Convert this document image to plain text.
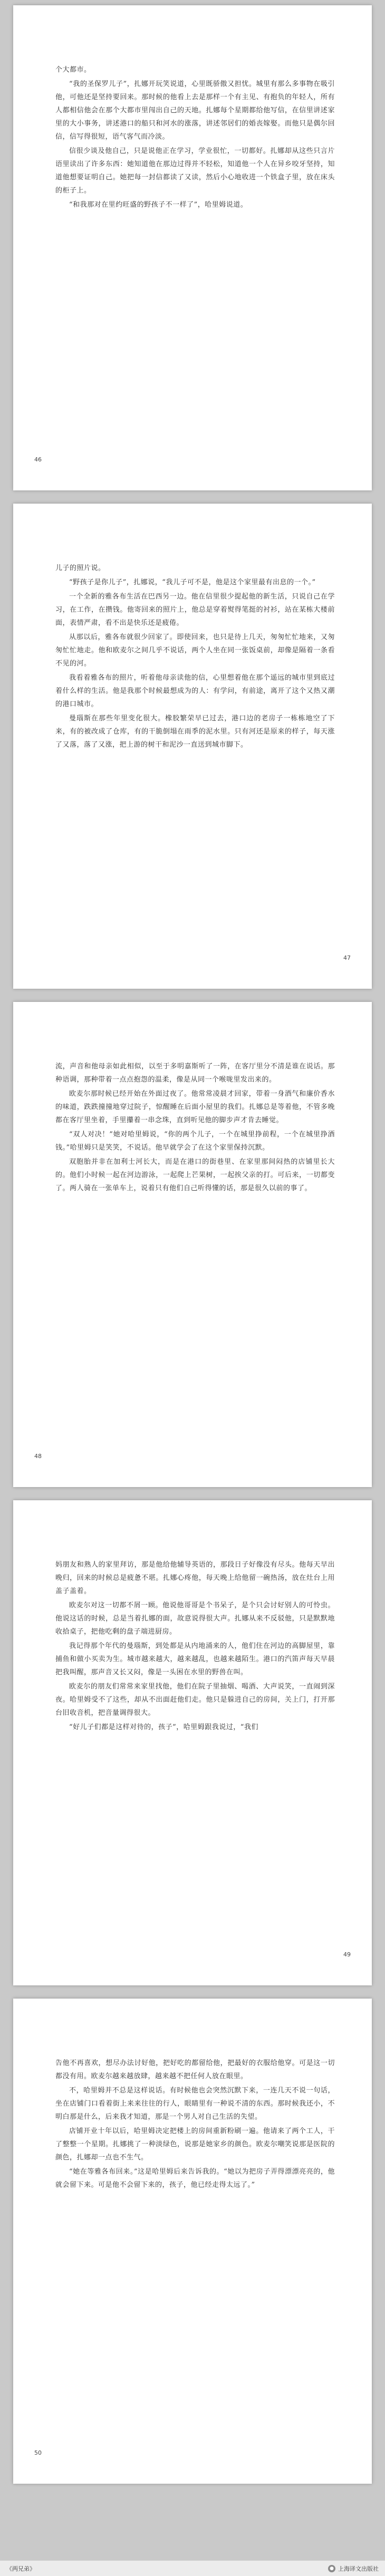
个大都市。

“我的圣保罗儿子”，扎娜开玩笑说道，心里既骄傲又担忧。城里有那么多事物在吸引他，可他还是坚持要回来。那时候的他看上去是那样一个有主见、有抱负的年轻人，所有人都相信他会在那个大都市里闯出自己的天地。扎娜每个星期都给他写信，在信里讲述家里的大小事务，讲述港口的船只和河水的涨落，讲述邻居们的婚丧嫁娶。而他只是偶尔回信，信写得很短，语气客气而冷淡。

信很少谈及他自己，只是说他正在学习，学业很忙，一切都好。扎娜却从这些只言片语里读出了许多东西：她知道他在那边过得并不轻松，知道他一个人在异乡咬牙坚持，知道他想要证明自己。她把每一封信都读了又读，然后小心地收进一个铁盒子里，放在床头的柜子上。

“和我那对在里约旺盛的野孩子不一样了”，哈里姆说道。

46

儿子的照片说。

“野孩子是你儿子”，扎娜说，“我儿子可不是，他是这个家里最有出息的一个。”

一个全新的雅各布生活在巴西另一边。他在信里很少提起他的新生活，只说自己在学习，在工作，在攒钱。他寄回来的照片上，他总是穿着熨得笔挺的衬衫，站在某栋大楼前面，表情严肃，看不出是快乐还是疲倦。

从那以后，雅各布就很少回家了。即使回来，也只是待上几天，匆匆忙忙地来，又匆匆忙忙地走。他和欧麦尔之间几乎不说话，两个人坐在同一张饭桌前，却像是隔着一条看不见的河。

我看着雅各布的照片，听着他母亲读他的信，心里想着他在那个遥远的城市里到底过着什么样的生活。他是我那个时候最想成为的人：有学问，有前途，离开了这个又热又潮的港口城市。

曼瑙斯在那些年里变化很大。橡胶繁荣早已过去，港口边的老房子一栋栋地空了下来，有的被改成了仓库，有的干脆倒塌在雨季的泥水里。只有河还是原来的样子，每天涨了又落，落了又涨，把上游的树干和泥沙一直送到城市脚下。

47

流，声音和他母亲如此相似，以至于多明嘉斯听了一阵，在客厅里分不清是谁在说话。那种语调，那种带着一点点抱怨的温柔，像是从同一个喉咙里发出来的。

欧麦尔那时候已经开始在外面过夜了。他常常凌晨才回家，带着一身酒气和廉价香水的味道，跌跌撞撞地穿过院子，惊醒睡在后面小屋里的我们。扎娜总是等着他，不管多晚都在客厅里坐着，手里攥着一串念珠，直到听见他的脚步声才肯去睡觉。

“双人对决！”她对哈里姆说，“你的两个儿子，一个在城里挣前程，一个在城里挣酒钱。”哈里姆只是笑笑，不说话。他早就学会了在这个家里保持沉默。

双胞胎并非在加利士河长大，而是在港口的街巷里、在家里那间闷热的店铺里长大的。他们小时候一起在河边游泳，一起爬上芒果树，一起挨父亲的打。可后来，一切都变了。两人骑在一张单车上，说着只有他们自己听得懂的话，那是很久以前的事了。

48

妈朋友和熟人的家里拜访，那是他给他辅导英语的，那段日子好像没有尽头。他每天早出晚归，回来的时候总是疲惫不堪。扎娜心疼他，每天晚上给他留一碗热汤，放在灶台上用盖子盖着。

欧麦尔对这一切都不屑一顾。他说他哥哥是个书呆子，是个只会讨好别人的可怜虫。他说这话的时候，总是当着扎娜的面，故意说得很大声。扎娜从来不反驳他，只是默默地收拾桌子，把他吃剩的盘子端进厨房。

我记得那个年代的曼瑙斯，到处都是从内地涌来的人，他们住在河边的高脚屋里，靠捕鱼和做小买卖为生。城市越来越大，越来越乱，也越来越陌生。港口的汽笛声每天早晨把我叫醒，那声音又长又闷，像是一头困在水里的野兽在叫。

欧麦尔的朋友们常常来家里找他，他们在院子里抽烟、喝酒、大声说笑，一直闹到深夜。哈里姆受不了这些，却从不出面赶他们走。他只是躲进自己的房间，关上门，打开那台旧收音机，把音量调得很大。

“好儿子们都是这样对待的，孩子”，哈里姆跟我说过，“我们

49

告他不再喜欢，想尽办法讨好他，把好吃的都留给他，把最好的衣服给他穿。可是这一切都没有用。欧麦尔越来越放肆，越来越不把任何人放在眼里。

不，哈里姆并不总是这样说话。有时候他也会突然沉默下来，一连几天不说一句话，坐在店铺门口看着街上来来往往的行人，眼睛里有一种说不清的东西。那时候我还小，不明白那是什么，后来我才知道，那是一个男人对自己生活的失望。

店铺开业十年以后，哈里姆决定把楼上的房间重新粉刷一遍。他请来了两个工人，干了整整一个星期。扎娜挑了一种淡绿色，说那是她家乡的颜色。欧麦尔嘲笑说那是医院的颜色，扎娜却一点也不生气。

“她在等雅各布回来。”这是哈里姆后来告诉我的。“她以为把房子弄得漂漂亮亮的，他就会留下来。可是他不会留下来的，孩子，他已经走得太远了。”

50
《两兄弟》	● 上海译文出版社
